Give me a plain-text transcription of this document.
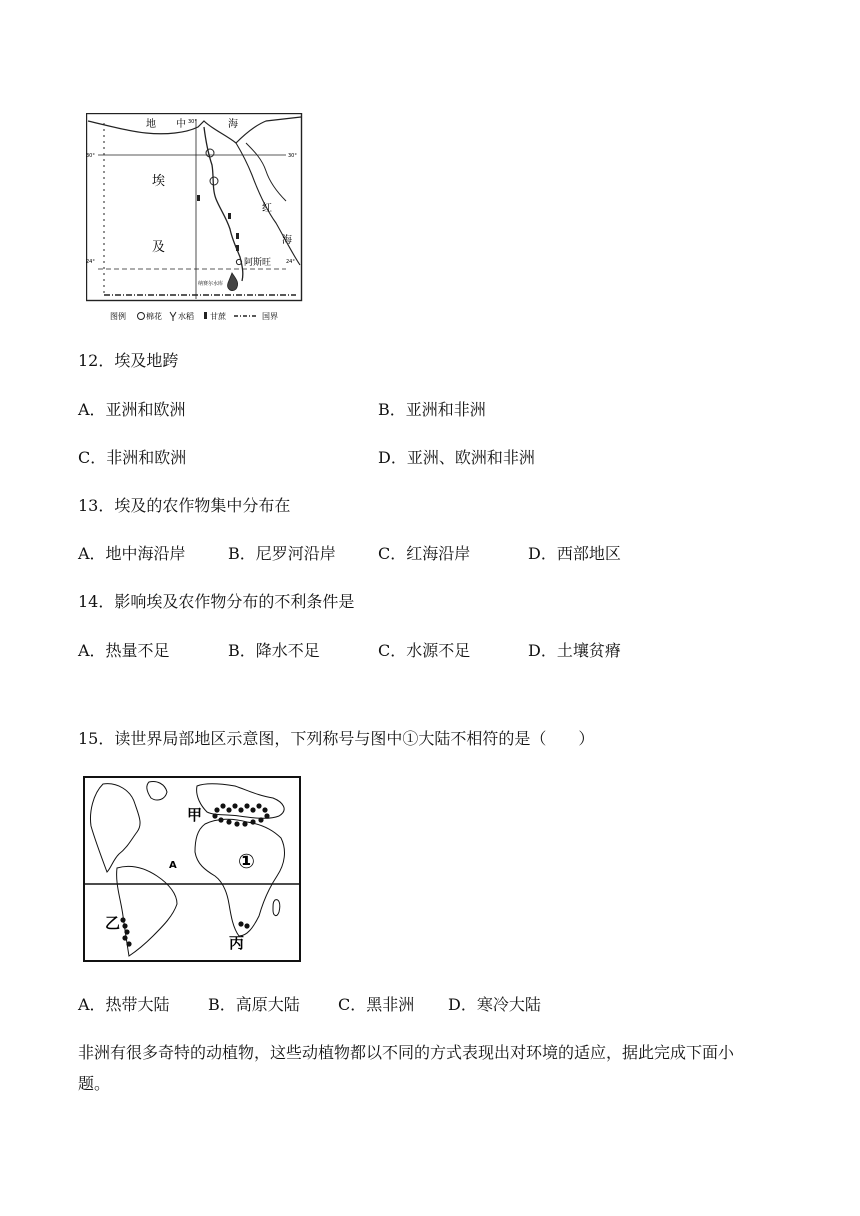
地 中	海
30°
30°	30°
24°	24°
埃
及
红
海
阿斯旺
纳赛尔水库
图例	棉花 水稻 甘蔗	国界
12．埃及地跨
A．亚洲和欧洲	B．亚洲和非洲
C．非洲和欧洲	D．亚洲、欧洲和非洲
13．埃及的农作物集中分布在
A．地中海沿岸	B．尼罗河沿岸	C．红海沿岸	D．西部地区
14．影响埃及农作物分布的不利条件是
A．热量不足	B．降水不足	C．水源不足	D．土壤贫瘠
15．读世界局部地区示意图，下列称号与图中①大陆不相符的是（　　）
甲
乙
丙
①
A
A．热带大陆 B．高原大陆 C．黑非洲 D．寒冷大陆
非洲有很多奇特的动植物，这些动植物都以不同的方式表现出对环境的适应，据此完成下面小
题。
